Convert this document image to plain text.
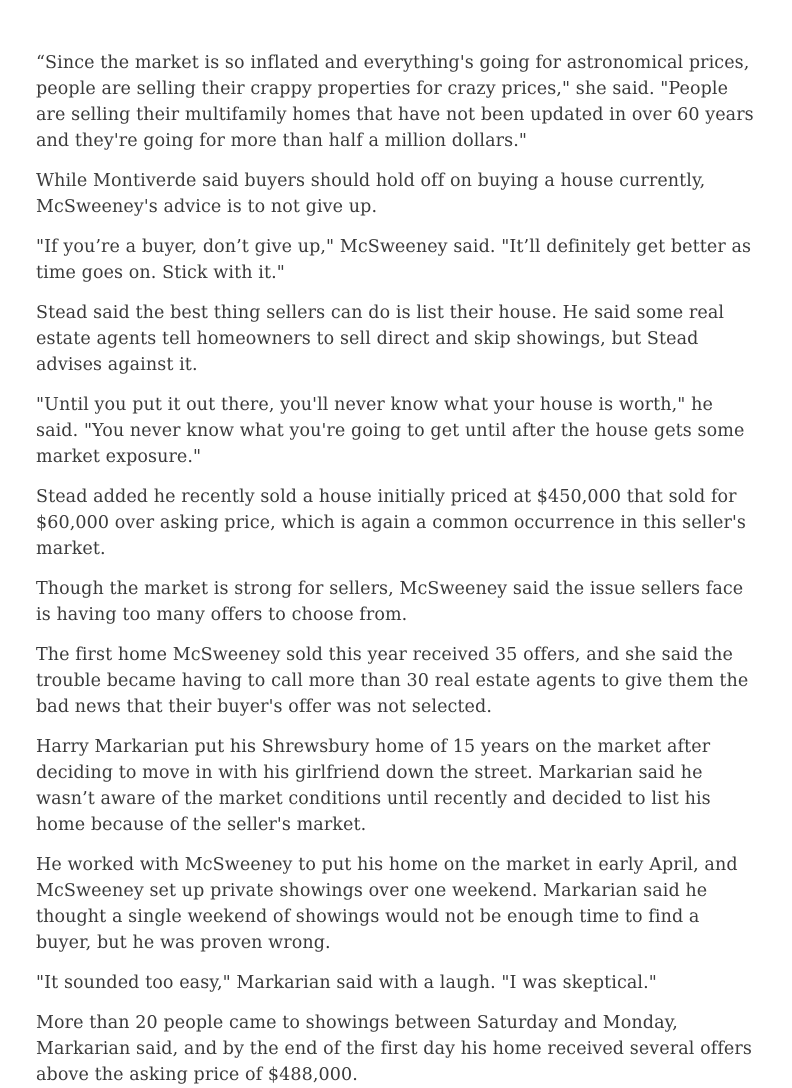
“Since the market is so inflated and everything's going for astronomical prices, people are selling their crappy properties for crazy prices," she said. "People are selling their multifamily homes that have not been updated in over 60 years and they're going for more than half a million dollars."

While Montiverde said buyers should hold off on buying a house currently, McSweeney's advice is to not give up.

"If you’re a buyer, don’t give up," McSweeney said. "It’ll definitely get better as time goes on. Stick with it."

Stead said the best thing sellers can do is list their house. He said some real estate agents tell homeowners to sell direct and skip showings, but Stead advises against it.

"Until you put it out there, you'll never know what your house is worth," he said. "You never know what you're going to get until after the house gets some market exposure."

Stead added he recently sold a house initially priced at $450,000 that sold for $60,000 over asking price, which is again a common occurrence in this seller's market.

Though the market is strong for sellers, McSweeney said the issue sellers face is having too many offers to choose from.

The first home McSweeney sold this year received 35 offers, and she said the trouble became having to call more than 30 real estate agents to give them the bad news that their buyer's offer was not selected.

Harry Markarian put his Shrewsbury home of 15 years on the market after deciding to move in with his girlfriend down the street. Markarian said he wasn’t aware of the market conditions until recently and decided to list his home because of the seller's market.

He worked with McSweeney to put his home on the market in early April, and McSweeney set up private showings over one weekend. Markarian said he thought a single weekend of showings would not be enough time to find a buyer, but he was proven wrong.

"It sounded too easy," Markarian said with a laugh. "I was skeptical."

More than 20 people came to showings between Saturday and Monday, Markarian said, and by the end of the first day his home received several offers above the asking price of $488,000.
